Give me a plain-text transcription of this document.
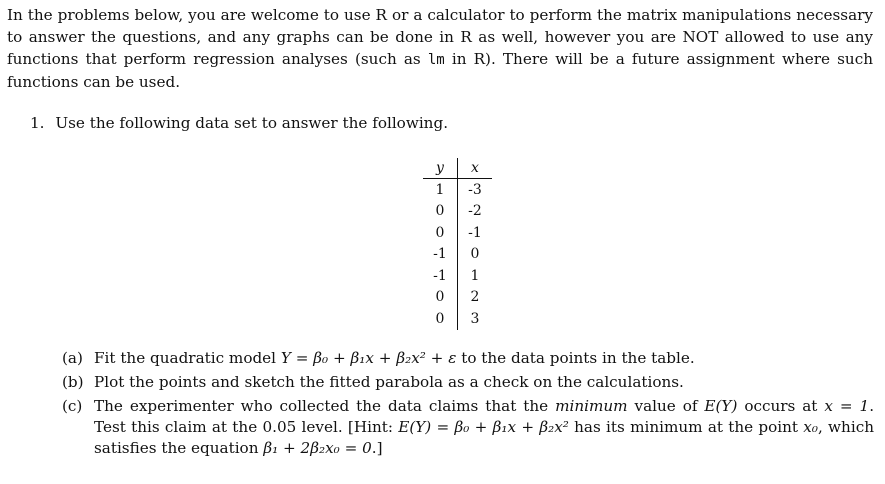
In the problems below, you are welcome to use R or a calculator to perform the matrix manipulations necessary to answer the questions, and any graphs can be done in R as well, however you are NOT allowed to use any functions that perform regression analyses (such as lm in R). There will be a future assignment where such functions can be used.

1. Use the following data set to answer the following.
y	x
1	-3
0	-2
0	-1
-1	0
-1	1
0	2
0	3
(a) Fit the quadratic model Y = β₀ + β₁x + β₂x² + ε to the data points in the table.
(b) Plot the points and sketch the fitted parabola as a check on the calculations.
(c) The experimenter who collected the data claims that the minimum value of E(Y) occurs at x = 1. Test this claim at the 0.05 level. [Hint: E(Y) = β₀ + β₁x + β₂x² has its minimum at the point x₀, which satisfies the equation β₁ + 2β₂x₀ = 0.]
